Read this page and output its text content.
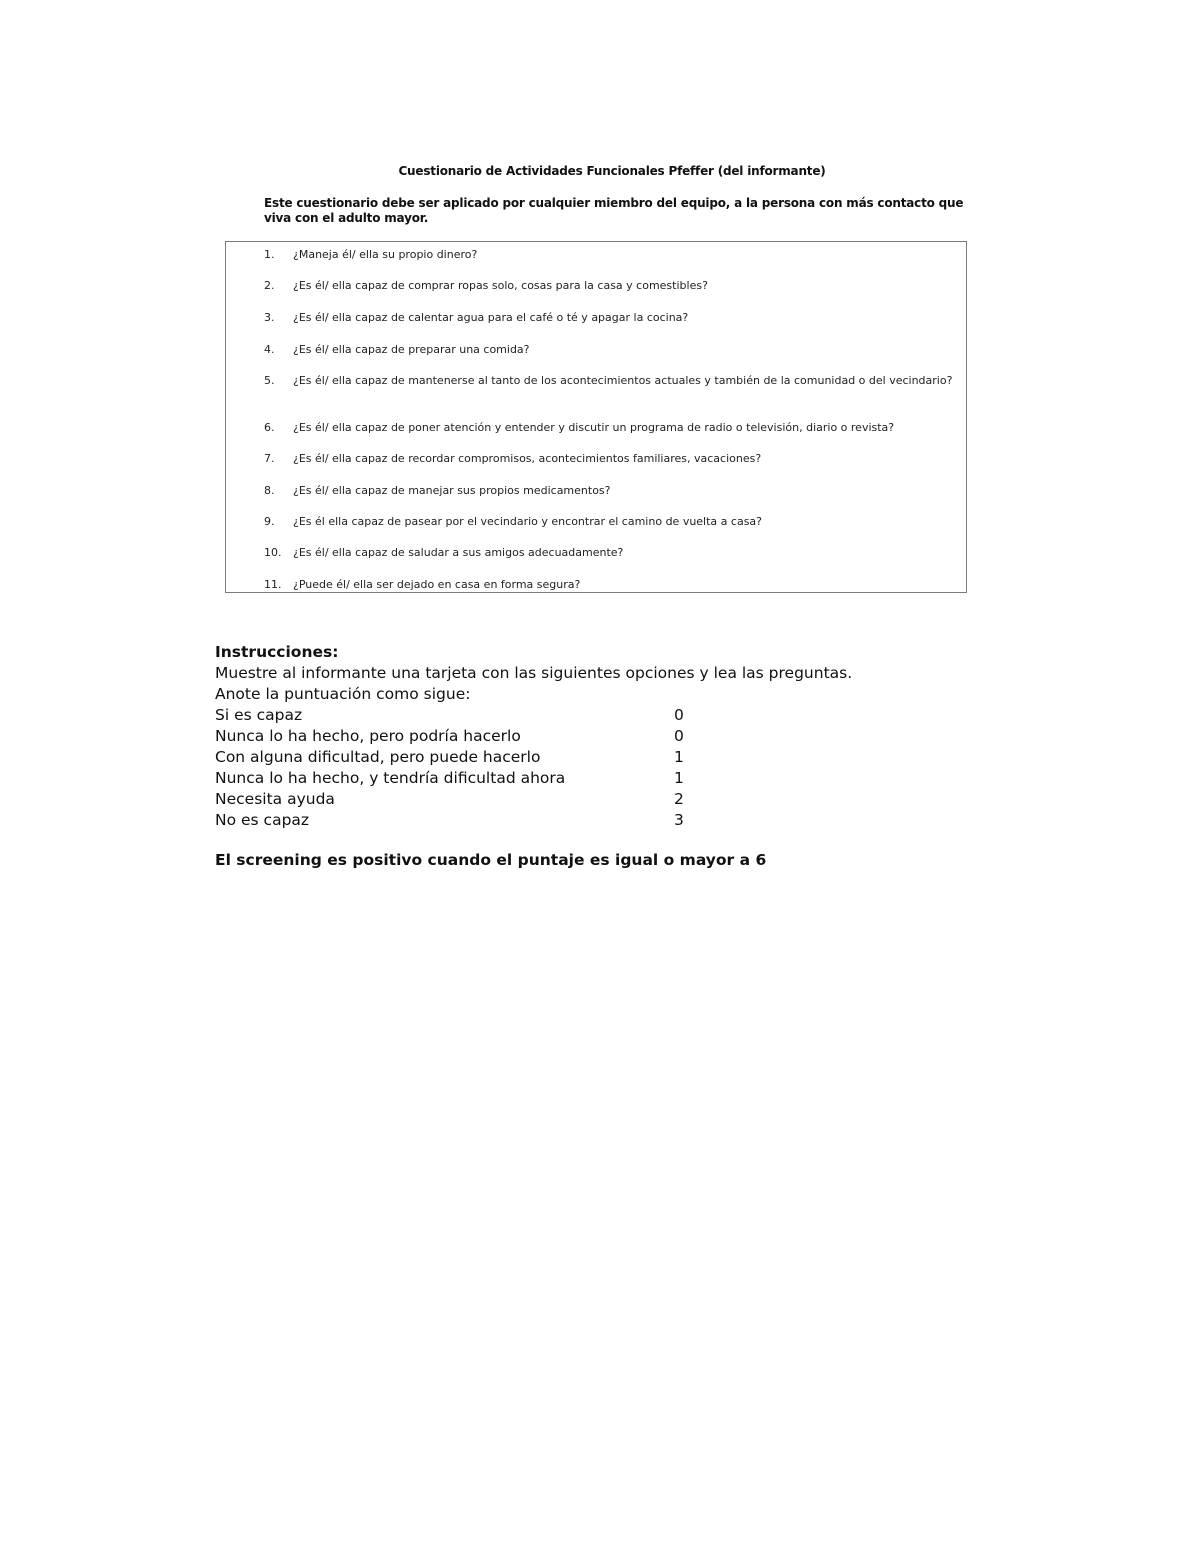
Cuestionario de Actividades Funcionales Pfeffer (del informante)
Este cuestionario debe ser aplicado por cualquier miembro del equipo, a la persona con más contacto que viva con el adulto mayor.
1.	¿Maneja él/ ella su propio dinero?
2.	¿Es él/ ella capaz de comprar ropas solo, cosas para la casa y comestibles?
3.	¿Es él/ ella capaz de calentar agua para el café o té y apagar la cocina?
4.	¿Es él/ ella capaz de preparar una comida?
5.	¿Es él/ ella capaz de mantenerse al tanto de los acontecimientos actuales y también de la comunidad o del vecindario?
6.	¿Es él/ ella capaz de poner atención y entender y discutir un programa de radio o televisión, diario o revista?
7.	¿Es él/ ella capaz de recordar compromisos, acontecimientos familiares, vacaciones?
8.	¿Es él/ ella capaz de manejar sus propios medicamentos?
9.	¿Es él ella capaz de pasear por el vecindario y encontrar el camino de vuelta a casa?
10.	¿Es él/ ella capaz de saludar a sus amigos adecuadamente?
11.	¿Puede él/ ella ser dejado en casa en forma segura?
Instrucciones:
Muestre al informante una tarjeta con las siguientes opciones y lea las preguntas.
Anote la puntuación como sigue:
Si es capaz	0
Nunca lo ha hecho, pero podría hacerlo	0
Con alguna dificultad, pero puede hacerlo	1
Nunca lo ha hecho, y tendría dificultad ahora	1
Necesita ayuda	2
No es capaz	3
El screening es positivo cuando el puntaje es igual o mayor a 6
